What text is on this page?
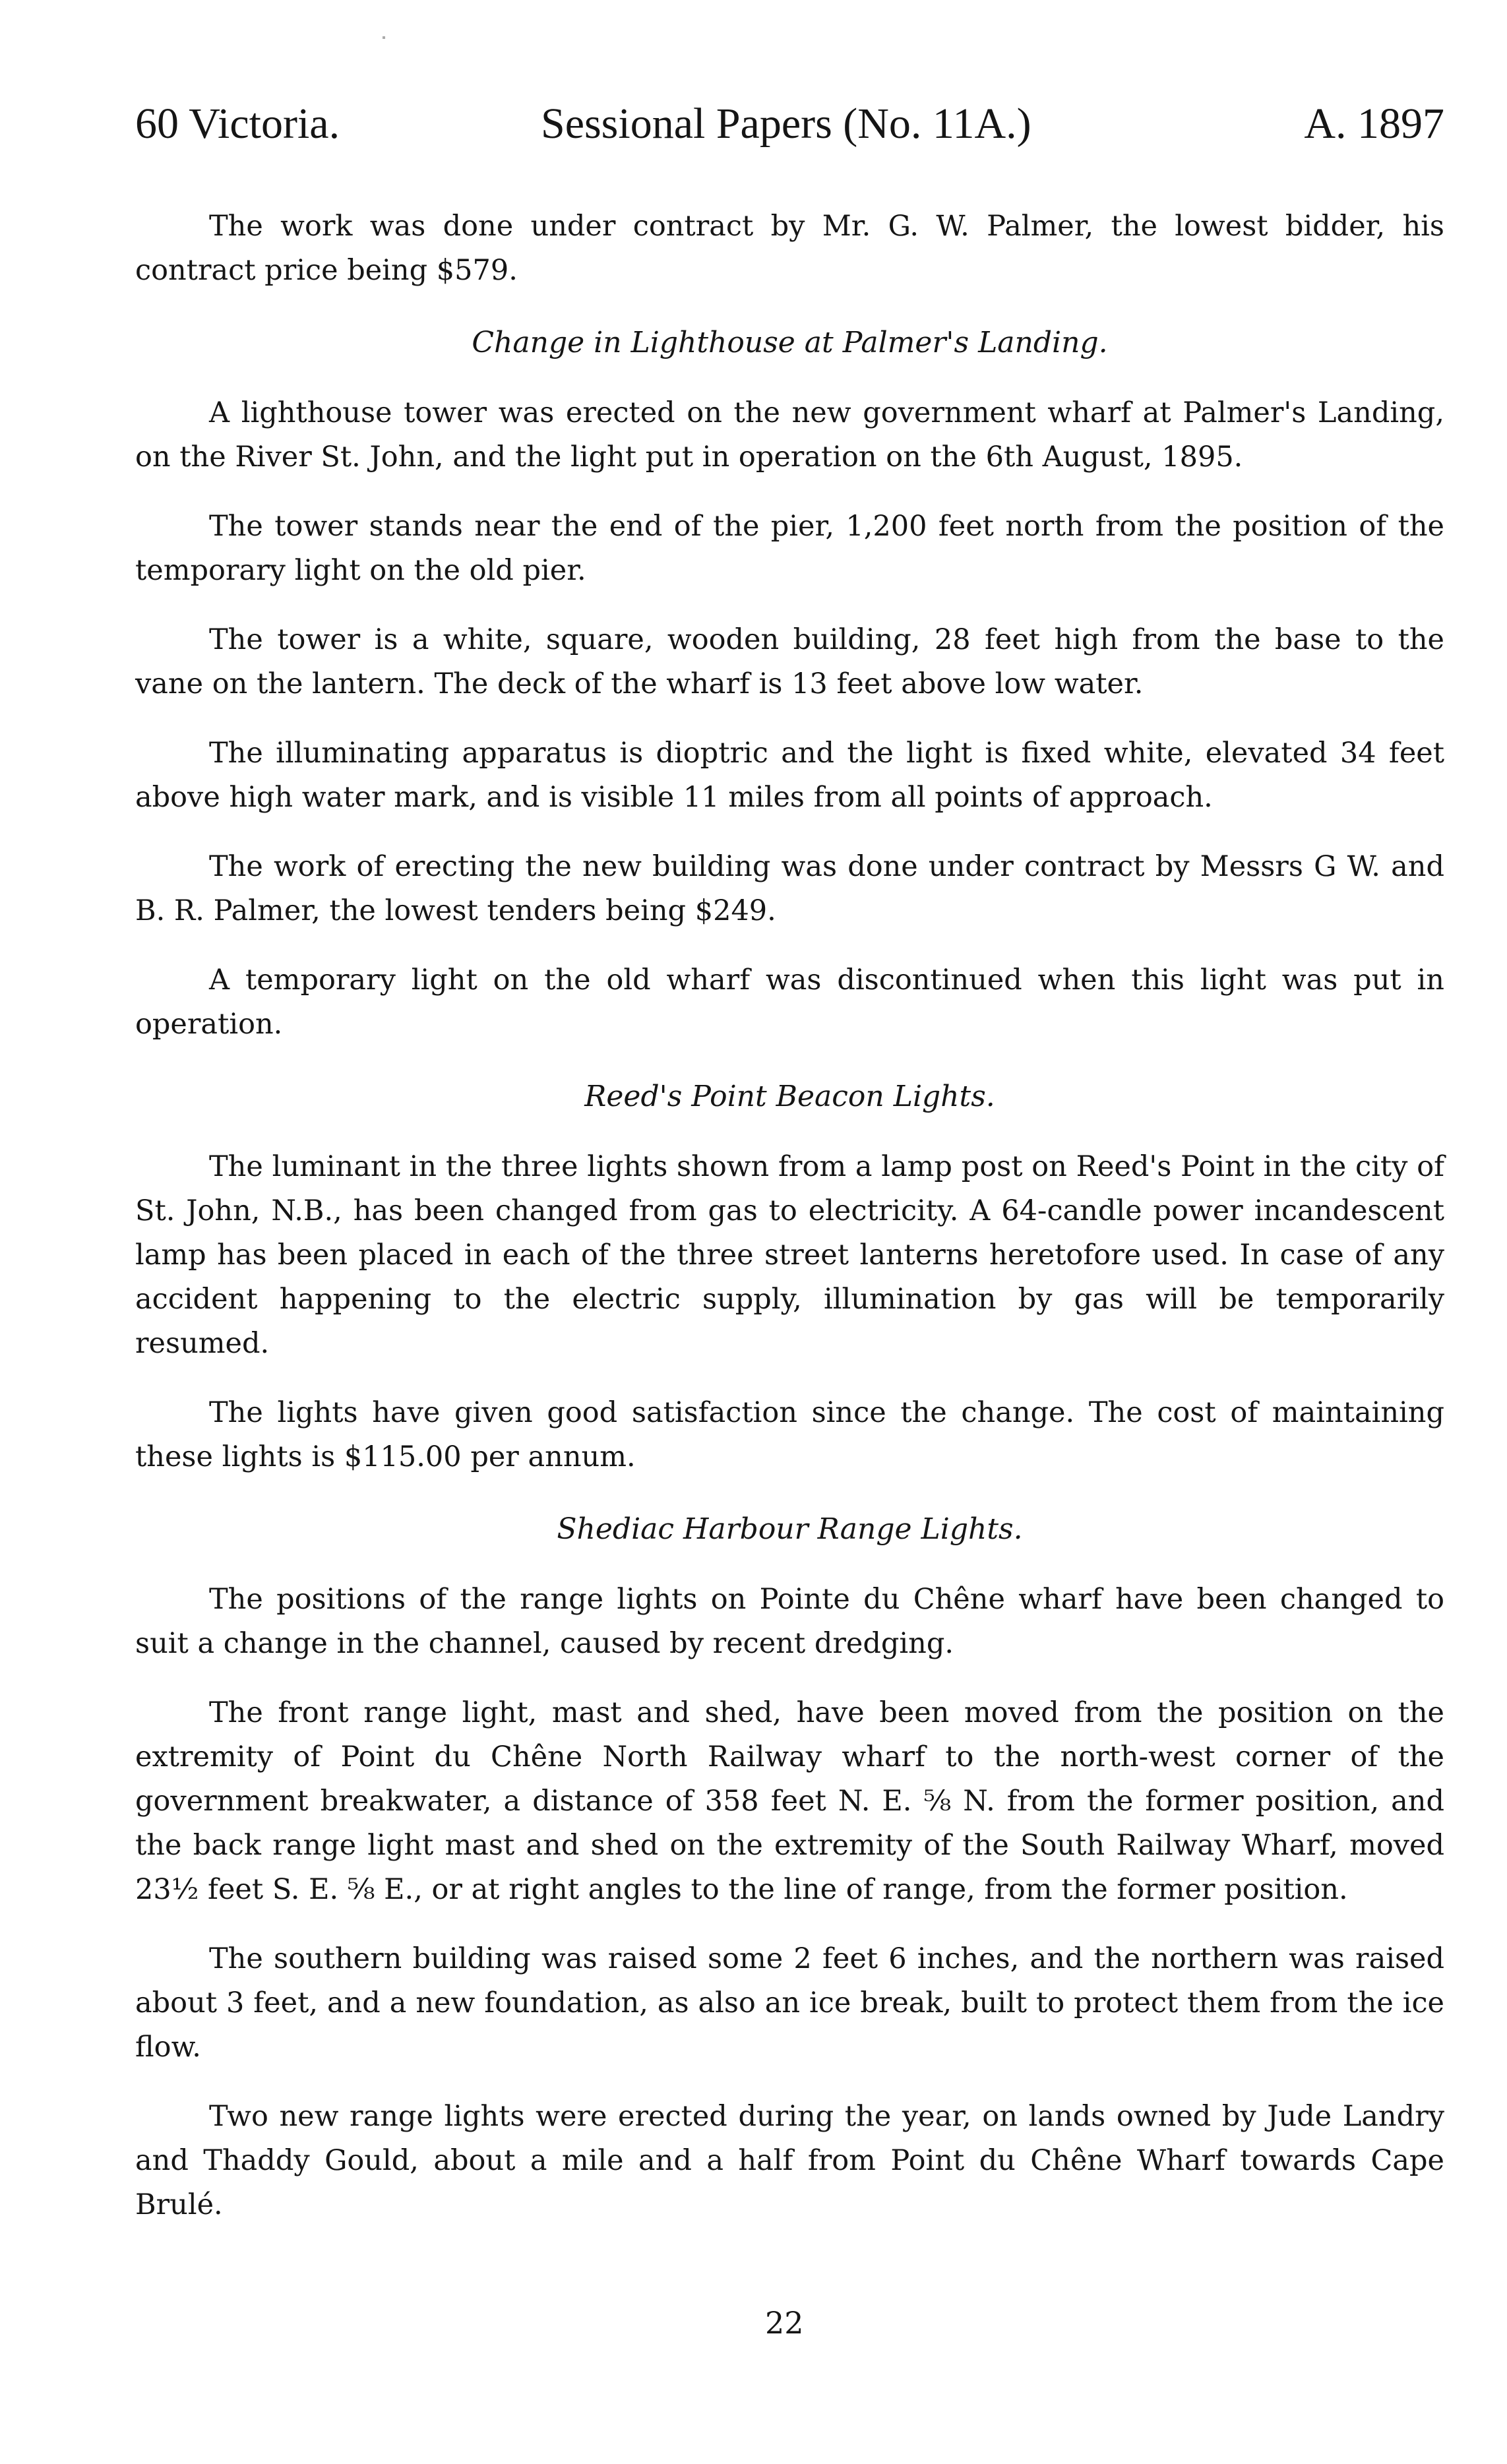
60 Victoria.	Sessional Papers (No. 11A.)	A. 1897

The work was done under contract by Mr. G. W. Palmer, the lowest bidder, his contract price being $579.

Change in Lighthouse at Palmer's Landing.

A lighthouse tower was erected on the new government wharf at Palmer's Landing, on the River St. John, and the light put in operation on the 6th August, 1895.

The tower stands near the end of the pier, 1,200 feet north from the position of the temporary light on the old pier.

The tower is a white, square, wooden building, 28 feet high from the base to the vane on the lantern. The deck of the wharf is 13 feet above low water.

The illuminating apparatus is dioptric and the light is fixed white, elevated 34 feet above high water mark, and is visible 11 miles from all points of approach.

The work of erecting the new building was done under contract by Messrs G W. and B. R. Palmer, the lowest tenders being $249.

A temporary light on the old wharf was discontinued when this light was put in operation.

Reed's Point Beacon Lights.

The luminant in the three lights shown from a lamp post on Reed's Point in the city of St. John, N.B., has been changed from gas to electricity. A 64-candle power incandescent lamp has been placed in each of the three street lanterns heretofore used. In case of any accident happening to the electric supply, illumination by gas will be temporarily resumed.

The lights have given good satisfaction since the change. The cost of maintaining these lights is $115.00 per annum.

Shediac Harbour Range Lights.

The positions of the range lights on Pointe du Chêne wharf have been changed to suit a change in the channel, caused by recent dredging.

The front range light, mast and shed, have been moved from the position on the extremity of Point du Chêne North Railway wharf to the north-west corner of the government breakwater, a distance of 358 feet N. E. ⅝ N. from the former position, and the back range light mast and shed on the extremity of the South Railway Wharf, moved 23½ feet S. E. ⅝ E., or at right angles to the line of range, from the former position.

The southern building was raised some 2 feet 6 inches, and the northern was raised about 3 feet, and a new foundation, as also an ice break, built to protect them from the ice flow.

Two new range lights were erected during the year, on lands owned by Jude Landry and Thaddy Gould, about a mile and a half from Point du Chêne Wharf towards Cape Brulé.

22
